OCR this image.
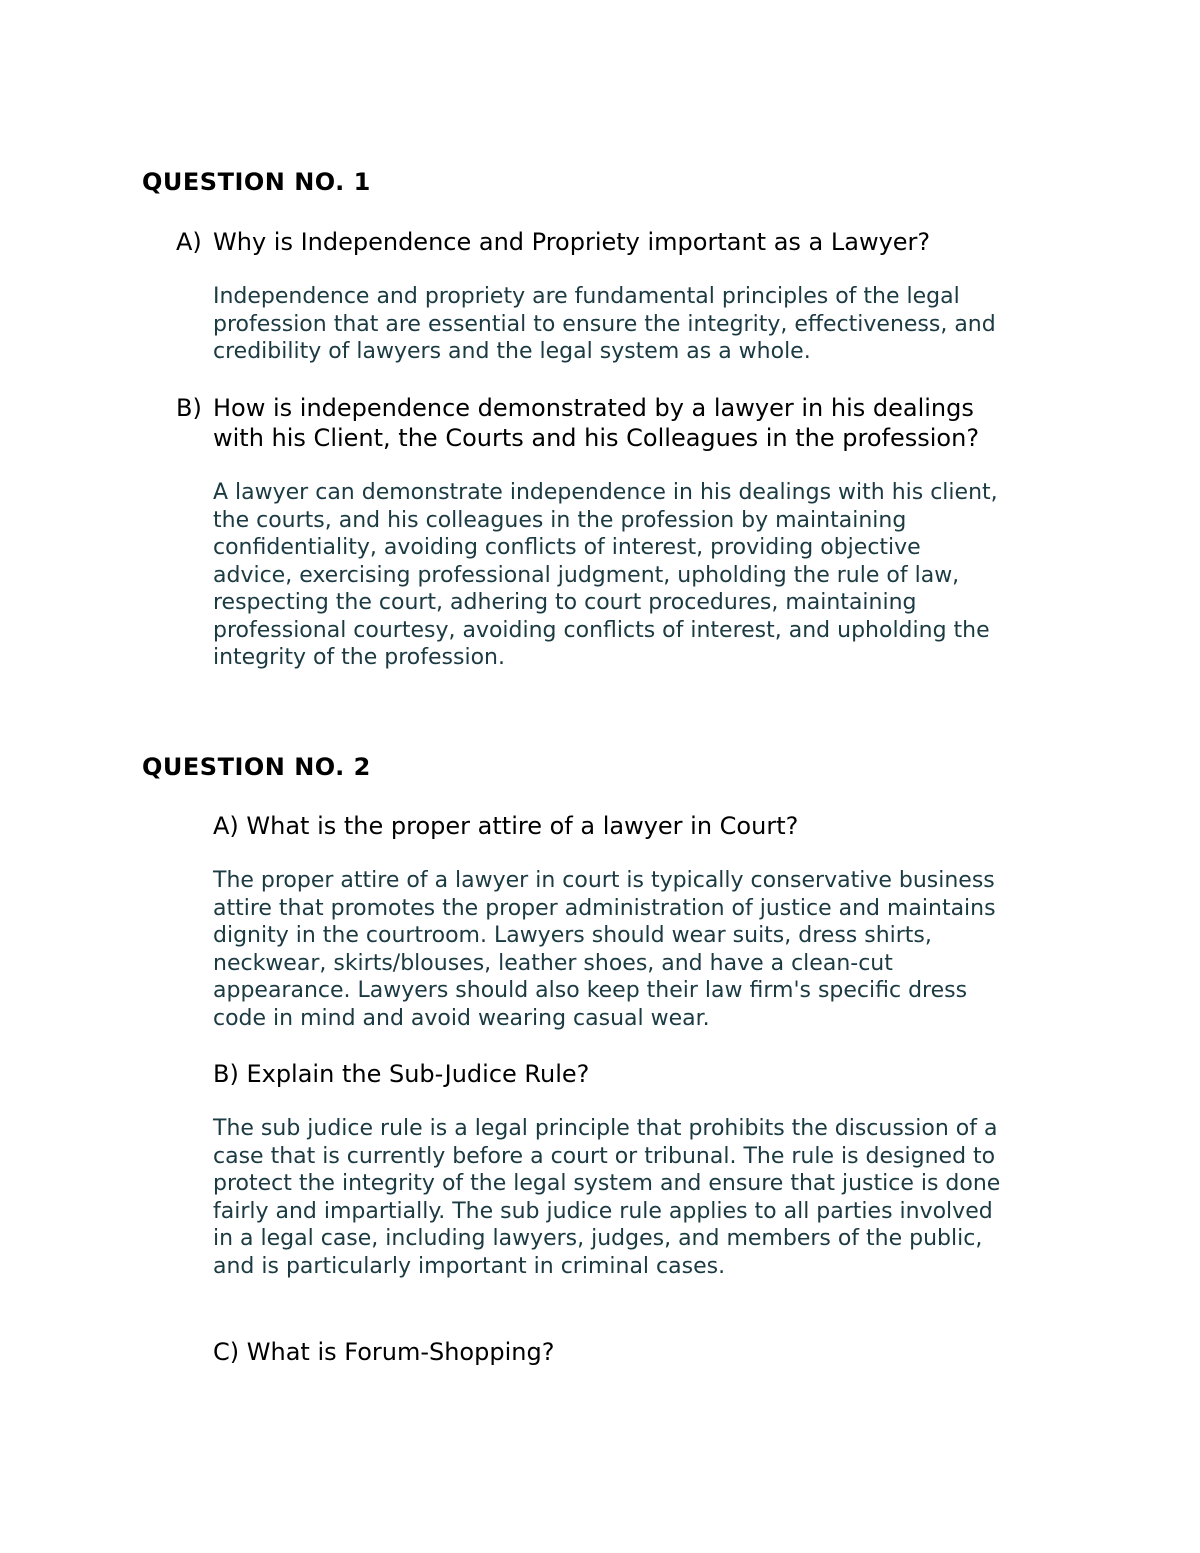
QUESTION NO. 1
A) Why is Independence and Propriety important as a Lawyer?
Independence and propriety are fundamental principles of the legal
profession that are essential to ensure the integrity, effectiveness, and
credibility of lawyers and the legal system as a whole.
B) How is independence demonstrated by a lawyer in his dealings
with his Client, the Courts and his Colleagues in the profession?
A lawyer can demonstrate independence in his dealings with his client,
the courts, and his colleagues in the profession by maintaining
confidentiality, avoiding conflicts of interest, providing objective
advice, exercising professional judgment, upholding the rule of law,
respecting the court, adhering to court procedures, maintaining
professional courtesy, avoiding conflicts of interest, and upholding the
integrity of the profession.
QUESTION NO. 2
A) What is the proper attire of a lawyer in Court?
The proper attire of a lawyer in court is typically conservative business
attire that promotes the proper administration of justice and maintains
dignity in the courtroom. Lawyers should wear suits, dress shirts,
neckwear, skirts/blouses, leather shoes, and have a clean-cut
appearance. Lawyers should also keep their law firm's specific dress
code in mind and avoid wearing casual wear.
B) Explain the Sub-Judice Rule?
The sub judice rule is a legal principle that prohibits the discussion of a
case that is currently before a court or tribunal. The rule is designed to
protect the integrity of the legal system and ensure that justice is done
fairly and impartially. The sub judice rule applies to all parties involved
in a legal case, including lawyers, judges, and members of the public,
and is particularly important in criminal cases.
C) What is Forum-Shopping?
